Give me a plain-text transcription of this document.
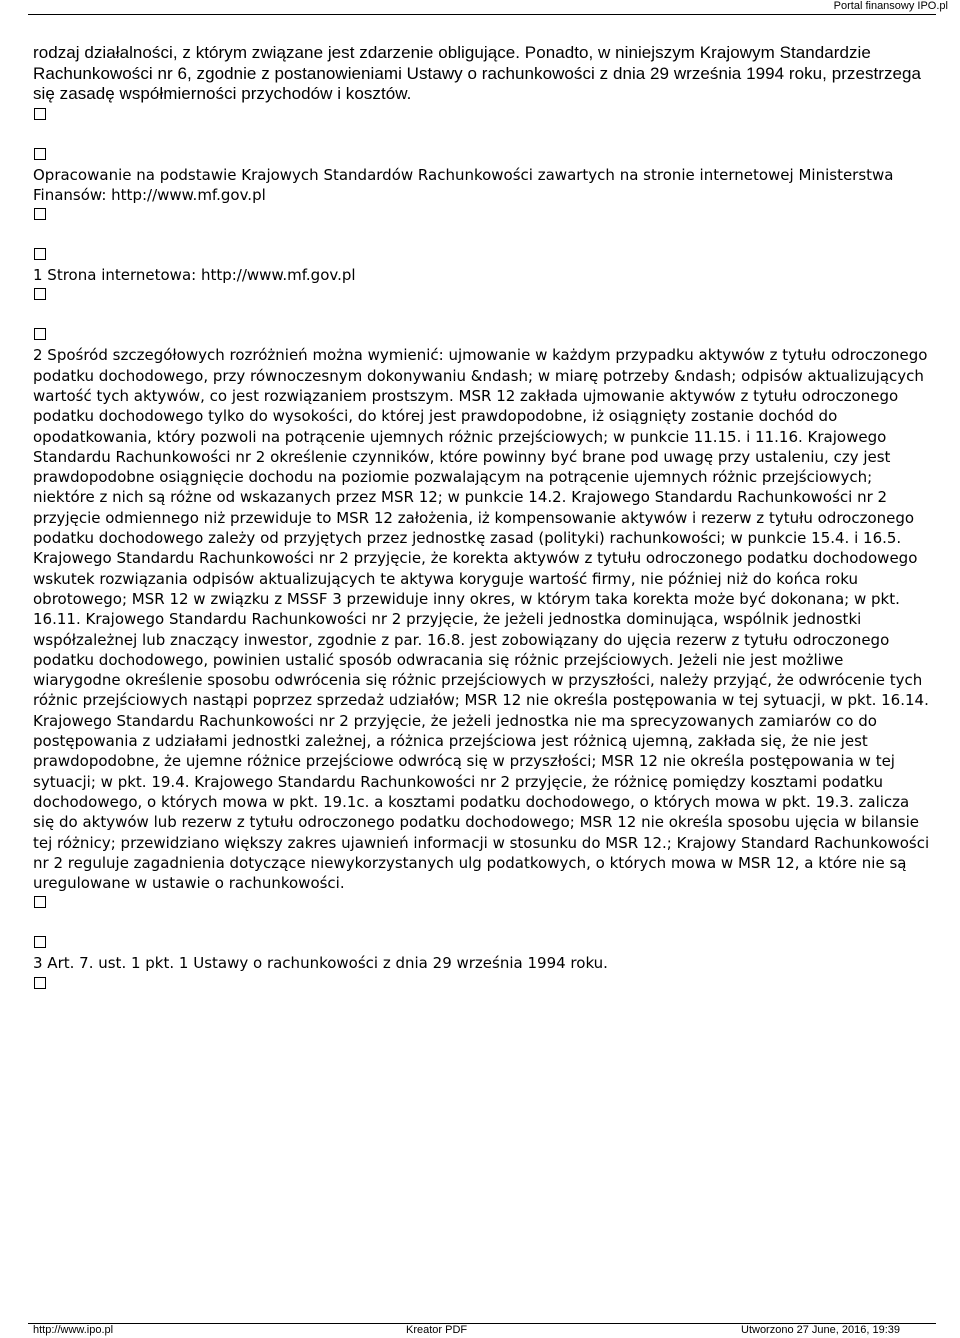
Portal finansowy IPO.pl

rodzaj działalności, z którym związane jest zdarzenie obligujące. Ponadto, w niniejszym Krajowym Standardzie Rachunkowości nr 6, zgodnie z postanowieniami Ustawy o rachunkowości z dnia 29 września 1994 roku, przestrzega się zasadę współmierności przychodów i kosztów.

Opracowanie na podstawie Krajowych Standardów Rachunkowości zawartych na stronie internetowej Ministerstwa Finansów: http://www.mf.gov.pl

1 Strona internetowa: http://www.mf.gov.pl

2 Spośród szczegółowych rozróżnień można wymienić: ujmowanie w każdym przypadku aktywów z tytułu odroczonego podatku dochodowego, przy równoczesnym dokonywaniu &ndash; w miarę potrzeby &ndash; odpisów aktualizujących wartość tych aktywów, co jest rozwiązaniem prostszym. MSR 12 zakłada ujmowanie aktywów z tytułu odroczonego podatku dochodowego tylko do wysokości, do której jest prawdopodobne, iż osiągnięty zostanie dochód do opodatkowania, który pozwoli na potrącenie ujemnych różnic przejściowych; w punkcie 11.15. i 11.16. Krajowego Standardu Rachunkowości nr 2 określenie czynników, które powinny być brane pod uwagę przy ustaleniu, czy jest prawdopodobne osiągnięcie dochodu na poziomie pozwalającym na potrącenie ujemnych różnic przejściowych; niektóre z nich są różne od wskazanych przez MSR 12; w punkcie 14.2. Krajowego Standardu Rachunkowości nr 2 przyjęcie odmiennego niż przewiduje to MSR 12 założenia, iż kompensowanie aktywów i rezerw z tytułu odroczonego podatku dochodowego zależy od przyjętych przez jednostkę zasad (polityki) rachunkowości; w punkcie 15.4. i 16.5. Krajowego Standardu Rachunkowości nr 2 przyjęcie, że korekta aktywów z tytułu odroczonego podatku dochodowego wskutek rozwiązania odpisów aktualizujących te aktywa koryguje wartość firmy, nie później niż do końca roku obrotowego; MSR 12 w związku z MSSF 3 przewiduje inny okres, w którym taka korekta może być dokonana; w pkt. 16.11. Krajowego Standardu Rachunkowości nr 2 przyjęcie, że jeżeli jednostka dominująca, wspólnik jednostki współzależnej lub znaczący inwestor, zgodnie z par. 16.8. jest zobowiązany do ujęcia rezerw z tytułu odroczonego podatku dochodowego, powinien ustalić sposób odwracania się różnic przejściowych. Jeżeli nie jest możliwe wiarygodne określenie sposobu odwrócenia się różnic przejściowych w przyszłości, należy przyjąć, że odwrócenie tych różnic przejściowych nastąpi poprzez sprzedaż udziałów; MSR 12 nie określa postępowania w tej sytuacji, w pkt. 16.14. Krajowego Standardu Rachunkowości nr 2 przyjęcie, że jeżeli jednostka nie ma sprecyzowanych zamiarów co do postępowania z udziałami jednostki zależnej, a różnica przejściowa jest różnicą ujemną, zakłada się, że nie jest prawdopodobne, że ujemne różnice przejściowe odwrócą się w przyszłości; MSR 12 nie określa postępowania w tej sytuacji; w pkt. 19.4. Krajowego Standardu Rachunkowości nr 2 przyjęcie, że różnicę pomiędzy kosztami podatku dochodowego, o których mowa w pkt. 19.1c. a kosztami podatku dochodowego, o których mowa w pkt. 19.3. zalicza się do aktywów lub rezerw z tytułu odroczonego podatku dochodowego; MSR 12 nie określa sposobu ujęcia w bilansie tej różnicy; przewidziano większy zakres ujawnień informacji w stosunku do MSR 12.; Krajowy Standard Rachunkowości nr 2 reguluje zagadnienia dotyczące niewykorzystanych ulg podatkowych, o których mowa w MSR 12, a które nie są uregulowane w ustawie o rachunkowości.

3 Art. 7. ust. 1 pkt. 1 Ustawy o rachunkowości z dnia 29 września 1994 roku.

http://www.ipo.pl	Kreator PDF	Utworzono 27 June, 2016, 19:39
